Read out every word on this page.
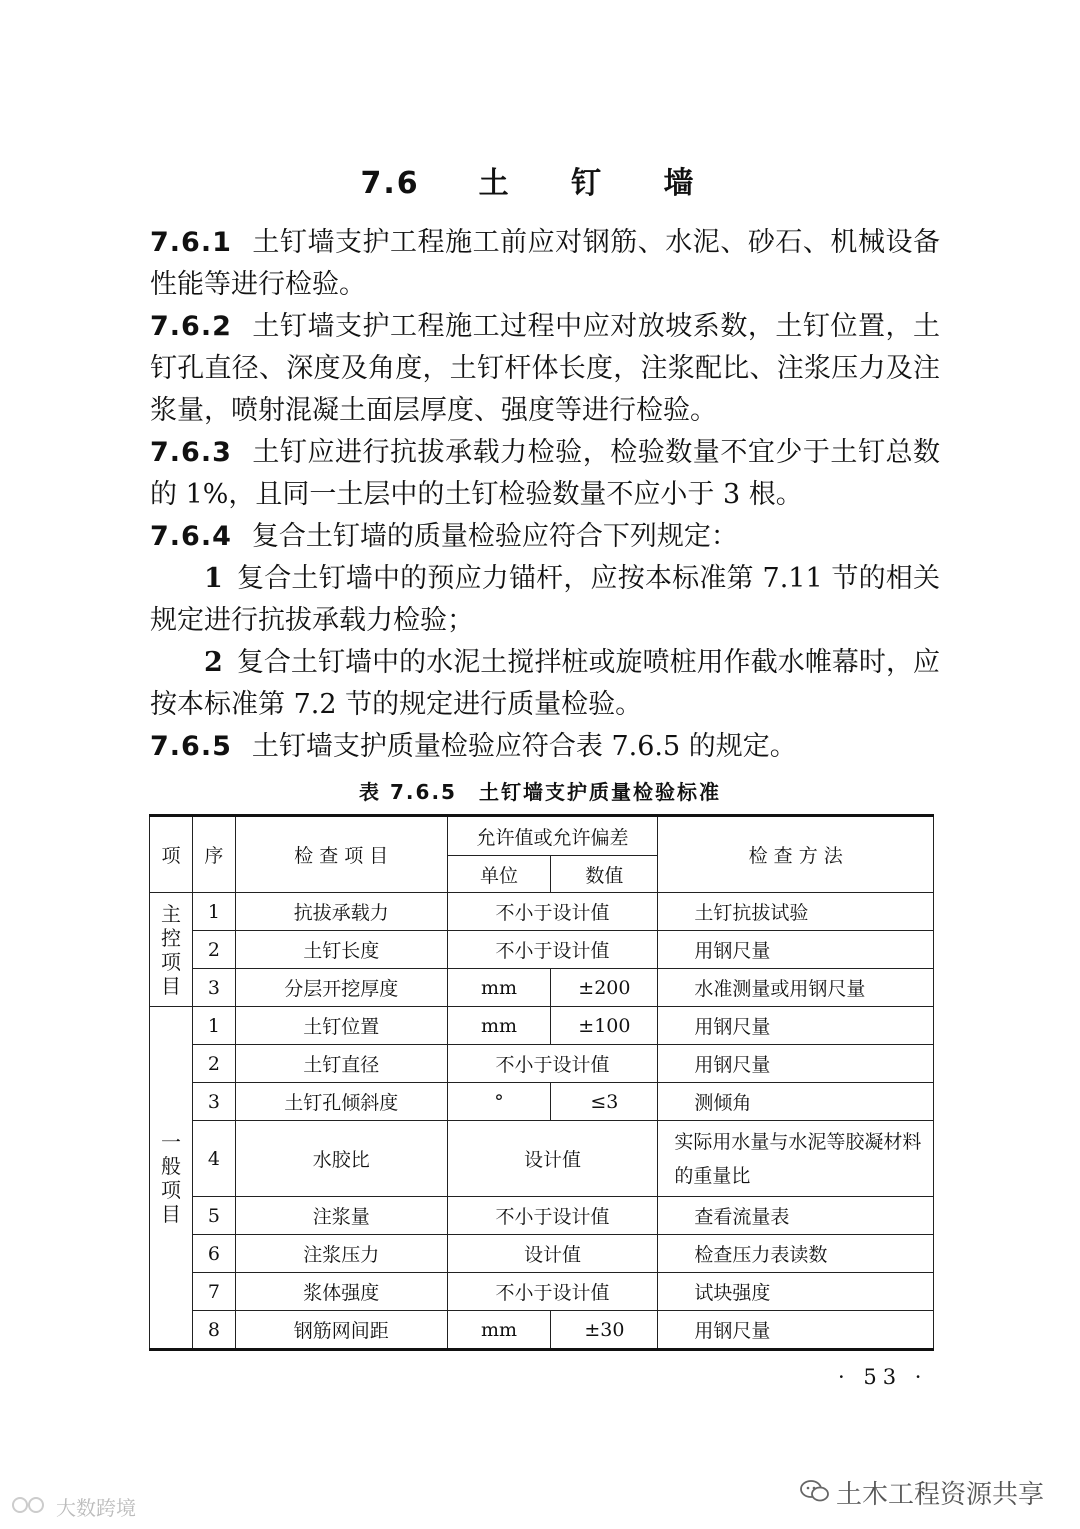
7.6 土 钉 墙

7.6.1 土钉墙支护工程施工前应对钢筋、水泥、砂石、机械设备性能等进行检验。

7.6.2 土钉墙支护工程施工过程中应对放坡系数，土钉位置，土钉孔直径、深度及角度，土钉杆体长度，注浆配比、注浆压力及注浆量，喷射混凝土面层厚度、强度等进行检验。

7.6.3 土钉应进行抗拔承载力检验，检验数量不宜少于土钉总数的 1%，且同一土层中的土钉检验数量不应小于 3 根。

7.6.4 复合土钉墙的质量检验应符合下列规定：

1 复合土钉墙中的预应力锚杆，应按本标准第 7.11 节的相关规定进行抗拔承载力检验；

2 复合土钉墙中的水泥土搅拌桩或旋喷桩用作截水帷幕时，应按本标准第 7.2 节的规定进行质量检验。

7.6.5 土钉墙支护质量检验应符合表 7.6.5 的规定。

表 7.6.5　土钉墙支护质量检验标准
项	序	检 查 项 目	允许值或允许偏差		检 查 方 法
			单位	数值	
主控项目	1	抗拔承载力	不小于设计值		土钉抗拔试验
	2	土钉长度	不小于设计值		用钢尺量
	3	分层开挖厚度	mm	±200	水准测量或用钢尺量
一般项目	1	土钉位置	mm	±100	用钢尺量
	2	土钉直径	不小于设计值		用钢尺量
	3	土钉孔倾斜度	°	≤3	测倾角
	4	水胶比	设计值		实际用水量与水泥等胶凝材料的重量比

	5	注浆量	不小于设计值		查看流量表
	6	注浆压力	设计值		检查压力表读数
	7	浆体强度	不小于设计值		试块强度
	8	钢筋网间距	mm	±30	用钢尺量
· 53 ·
土木工程资源共享
大数跨境
